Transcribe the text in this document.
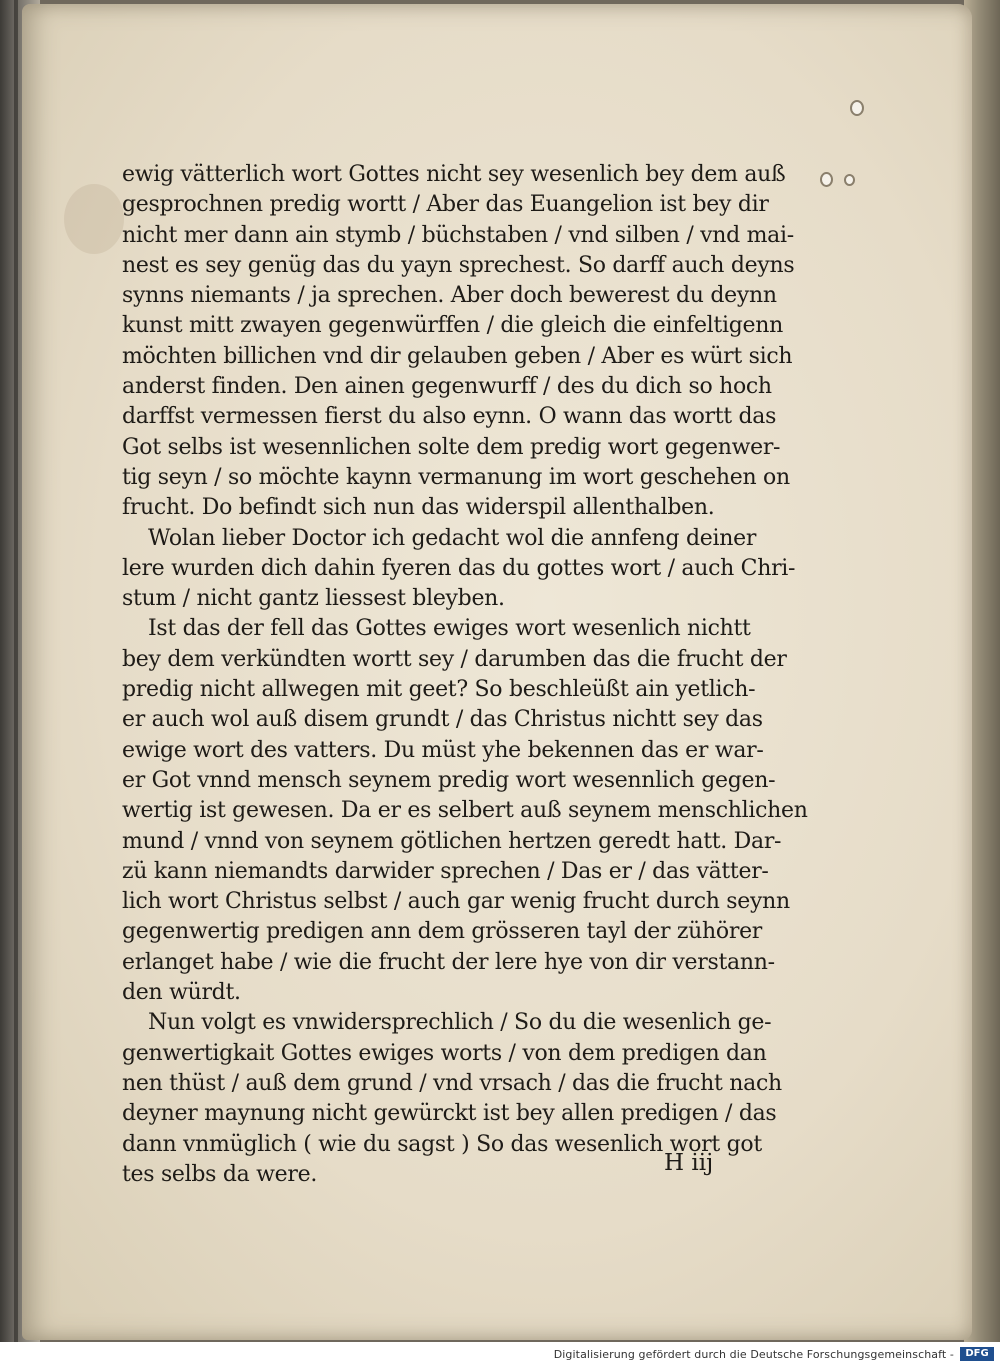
ewig vätterlich wort Gottes nicht sey wesenlich bey dem auß
gesprochnen predig wortt / Aber das Euangelion ist bey dir
nicht mer dann ain stymb / büchstaben / vnd silben / vnd mai-
nest es sey genüg das du yayn sprechest. So darff auch deyns
synns niemants / ja sprechen. Aber doch bewerest du deynn
kunst mitt zwayen gegenwürffen / die gleich die einfeltigenn
möchten billichen vnd dir gelauben geben / Aber es würt sich
anderst finden. Den ainen gegenwurff / des du dich so hoch
darffst vermessen fierst du also eynn. O wann das wortt das
Got selbs ist wesennlichen solte dem predig wort gegenwer-
tig seyn / so möchte kaynn vermanung im wort geschehen on
frucht. Do befindt sich nun das widerspil allenthalben.
Wolan lieber Doctor ich gedacht wol die annfeng deiner
lere wurden dich dahin fyeren das du gottes wort / auch Chri-
stum / nicht gantz liessest bleyben.
Ist das der fell das Gottes ewiges wort wesenlich nichtt
bey dem verkündten wortt sey / darumben das die frucht der
predig nicht allwegen mit geet? So beschleüßt ain yetlich-
er auch wol auß disem grundt / das Christus nichtt sey das
ewige wort des vatters. Du müst yhe bekennen das er war-
er Got vnnd mensch seynem predig wort wesennlich gegen-
wertig ist gewesen. Da er es selbert auß seynem menschlichen
mund / vnnd von seynem götlichen hertzen geredt hatt. Dar-
zü kann niemandts darwider sprechen / Das er / das vätter-
lich wort Christus selbst / auch gar wenig frucht durch seynn
gegenwertig predigen ann dem grösseren tayl der zühörer
erlanget habe / wie die frucht der lere hye von dir verstann-
den würdt.
Nun volgt es vnwidersprechlich / So du die wesenlich ge-
genwertigkait Gottes ewiges worts / von dem predigen dan
nen thüst / auß dem grund / vnd vrsach / das die frucht nach
deyner maynung nicht gewürckt ist bey allen predigen / das
dann vnmüglich ( wie du sagst ) So das wesenlich wort got
tes selbs da were.	H iij
Digitalisierung gefördert durch die Deutsche Forschungsgemeinschaft -	DFG
